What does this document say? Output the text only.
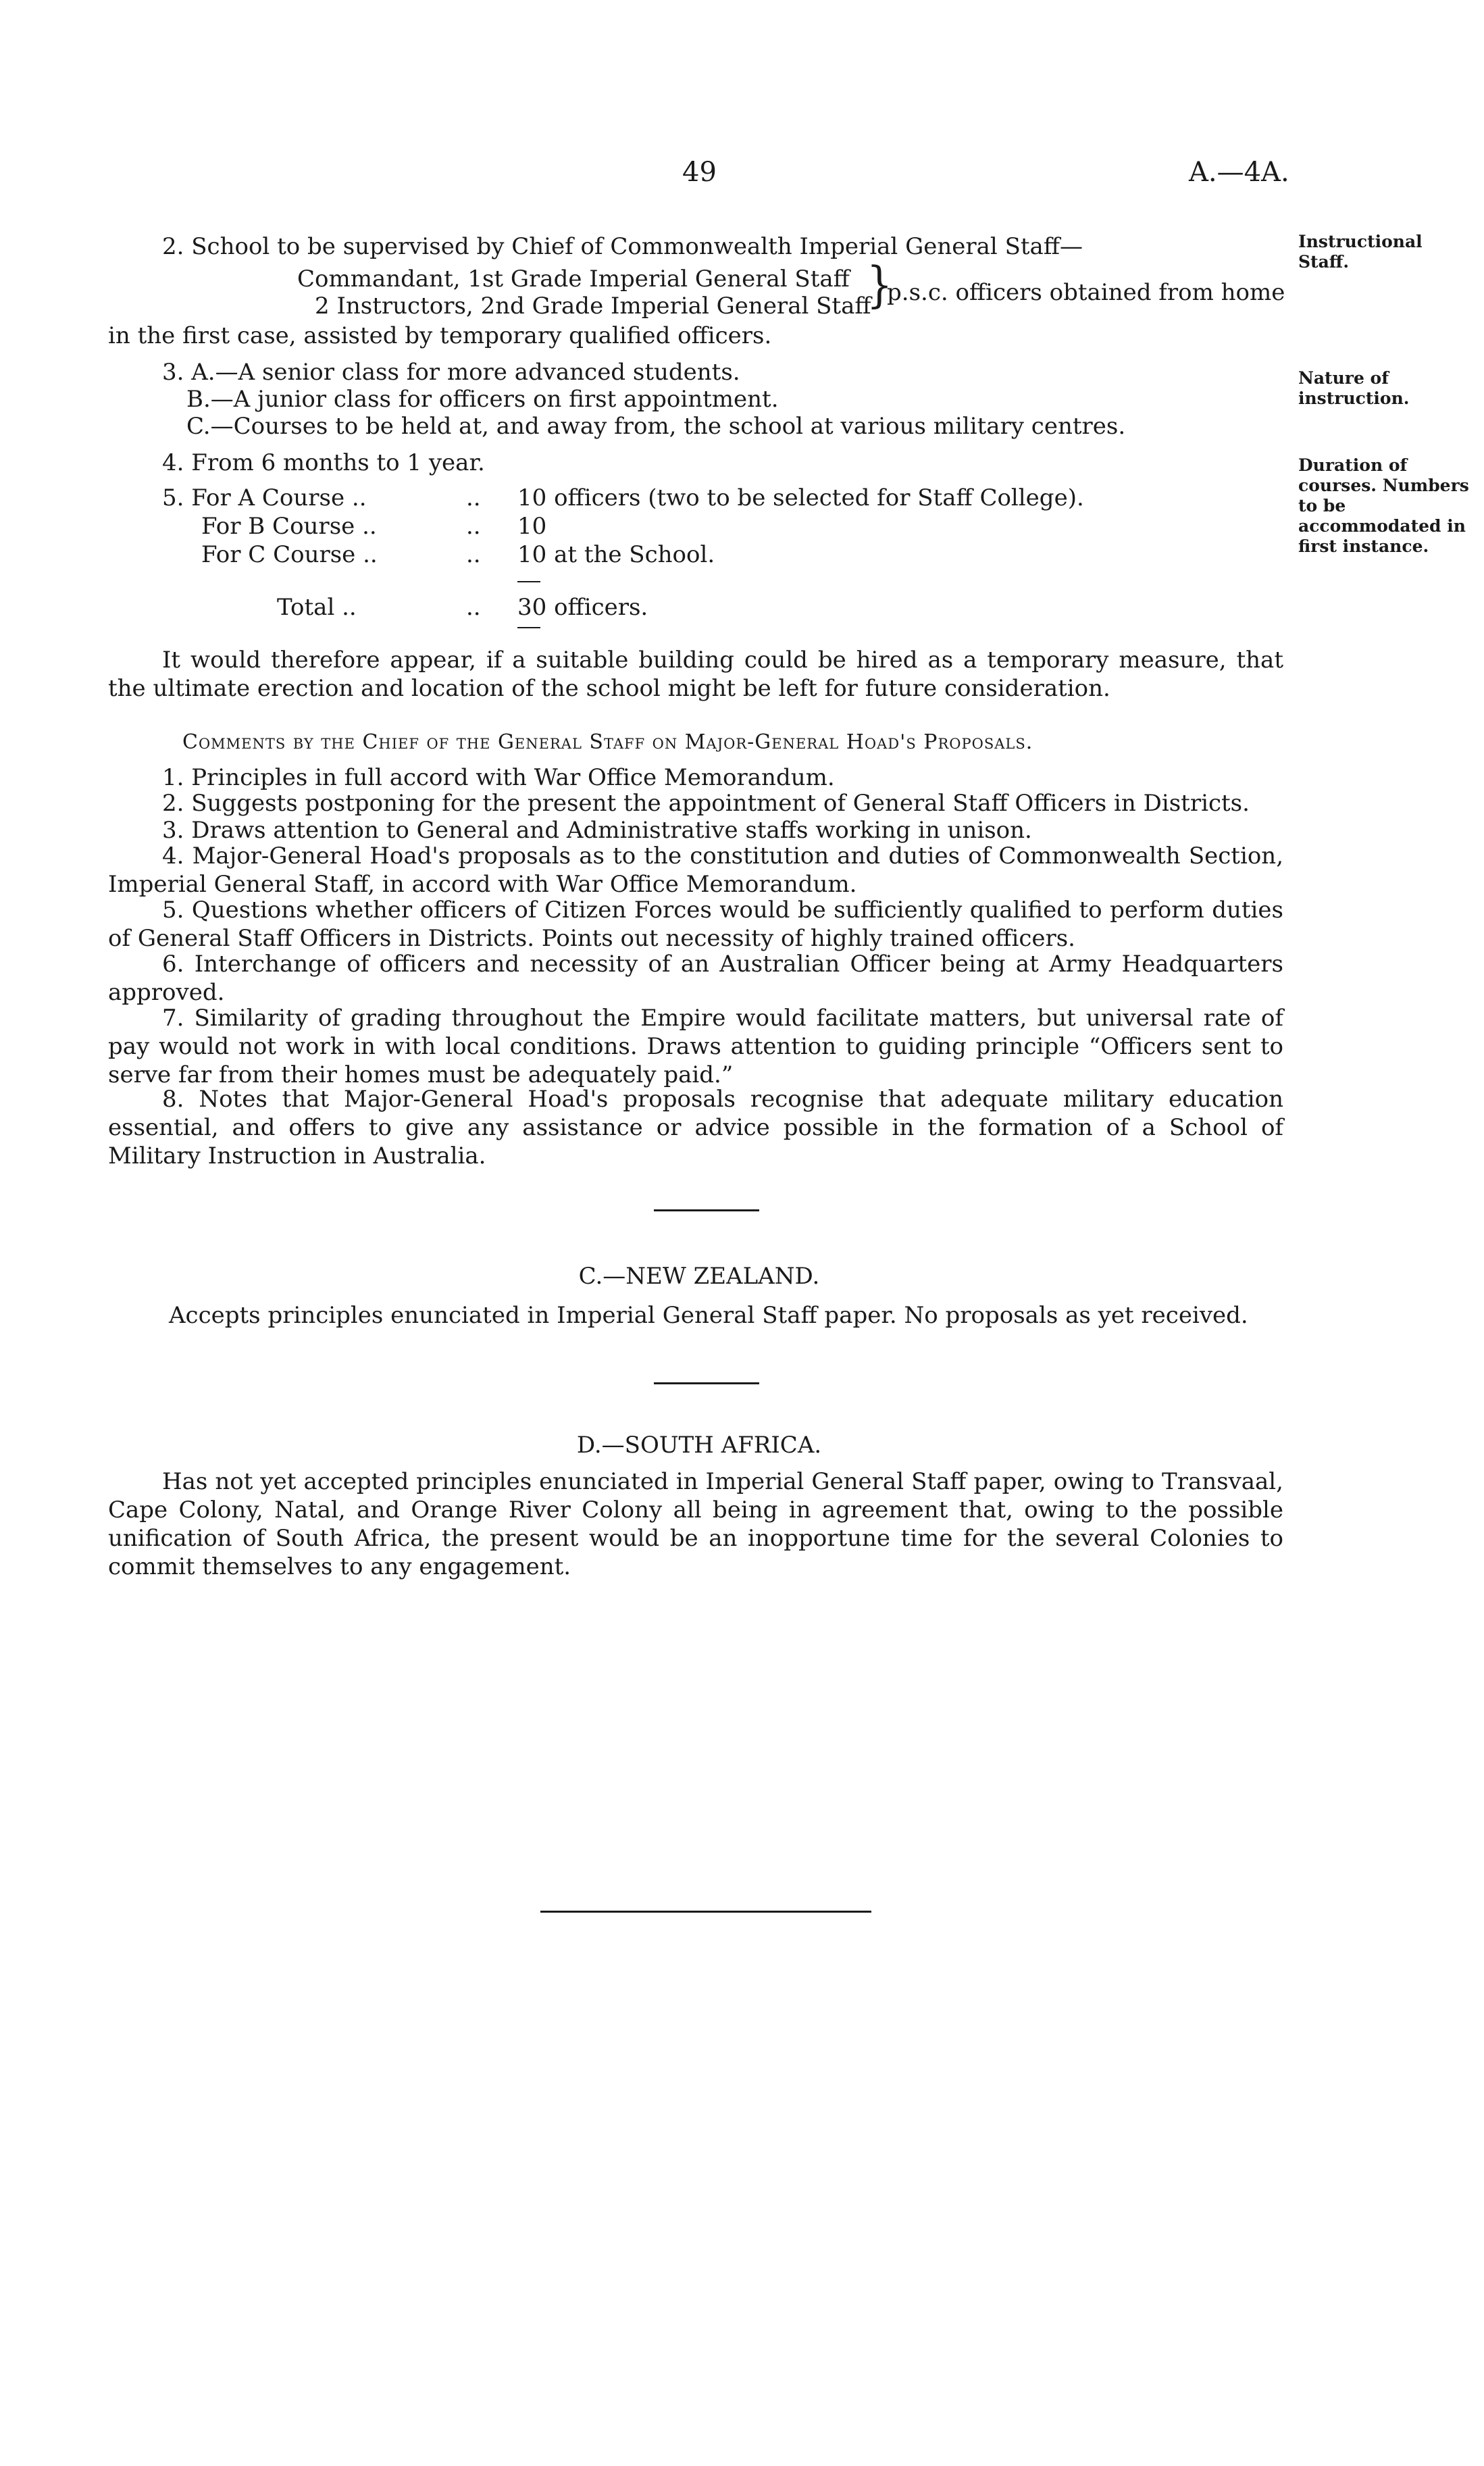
49	A.—4A.
Instructional Staff.
Nature of instruction.
Duration of courses. Numbers to be accommodated in first instance.
2. School to be supervised by Chief of Commonwealth Imperial General Staff—
Commandant, 1st Grade Imperial General Staff
2 Instructors, 2nd Grade Imperial General Staff
}
p.s.c. officers obtained from home
in the first case, assisted by temporary qualified officers.
3. A.—A senior class for more advanced students.
B.—A junior class for officers on first appointment.
C.—Courses to be held at, and away from, the school at various military centres.
4. From 6 months to 1 year.
5. For A Course ..	.. 10 officers (two to be selected for Staff College).
For B Course ..	.. 10
For C Course ..	.. 10 at the School.
Total ..	.. 30 officers.
It would therefore appear, if a suitable building could be hired as a temporary measure, that the ultimate erection and location of the school might be left for future consideration.
Comments by the Chief of the General Staff on Major-General Hoad's Proposals.
1. Principles in full accord with War Office Memorandum.
2. Suggests postponing for the present the appointment of General Staff Officers in Districts.
3. Draws attention to General and Administrative staffs working in unison.
4. Major-General Hoad's proposals as to the constitution and duties of Commonwealth Section, Imperial General Staff, in accord with War Office Memorandum.
5. Questions whether officers of Citizen Forces would be sufficiently qualified to perform duties of General Staff Officers in Districts. Points out necessity of highly trained officers.
6. Interchange of officers and necessity of an Australian Officer being at Army Headquarters approved.
7. Similarity of grading throughout the Empire would facilitate matters, but universal rate of pay would not work in with local conditions. Draws attention to guiding principle “Officers sent to serve far from their homes must be adequately paid.”
8. Notes that Major-General Hoad's proposals recognise that adequate military education essential, and offers to give any assistance or advice possible in the formation of a School of Military Instruction in Australia.
C.—NEW ZEALAND.
Accepts principles enunciated in Imperial General Staff paper. No proposals as yet received.
D.—SOUTH AFRICA.
Has not yet accepted principles enunciated in Imperial General Staff paper, owing to Transvaal, Cape Colony, Natal, and Orange River Colony all being in agreement that, owing to the possible unification of South Africa, the present would be an inopportune time for the several Colonies to commit themselves to any engagement.
